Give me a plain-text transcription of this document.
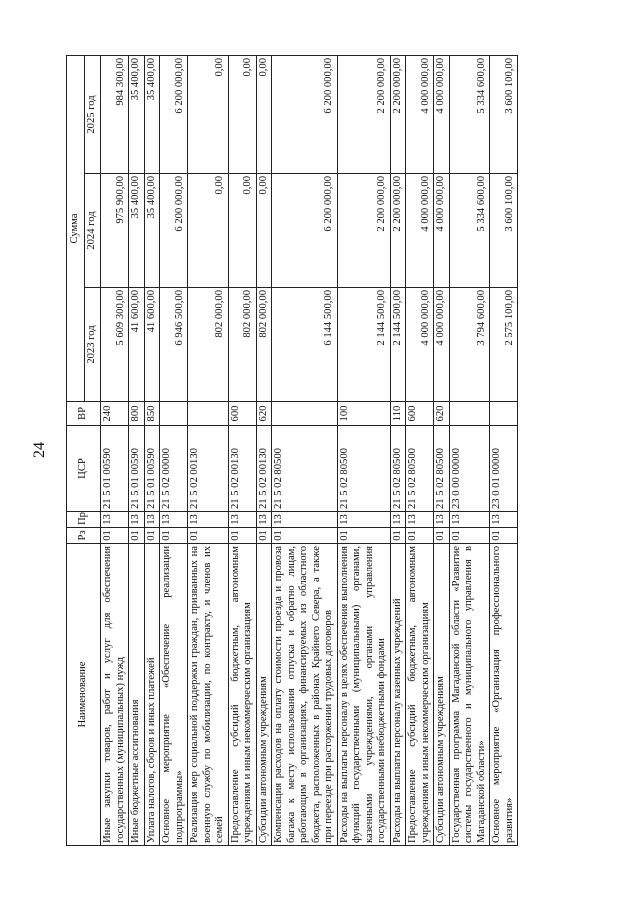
24
Наименование	Рз	Пр	ЦСР	ВР	Сумма		
					2023 год	2024 год	2025 год
Иные закупки товаров, работ и услуг для обеспечения государственных (муниципальных) нужд	01	13	21 5 01 00590	240	5 609 300,00	975 900,00	984 300,00
Иные бюджетные ассигнования	01	13	21 5 01 00590	800	41 600,00	35 400,00	35 400,00
Уплата налогов, сборов и иных платежей	01	13	21 5 01 00590	850	41 600,00	35 400,00	35 400,00
Основное мероприятие «Обеспечение реализации подпрограммы»	01	13	21 5 02 00000		6 946 500,00	6 200 000,00	6 200 000,00
Реализация мер социальной поддержки граждан, призванных на военную службу по мобилизации, по контракту, и членов их семей	01	13	21 5 02 00130		802 000,00	0,00	0,00
Предоставление субсидий бюджетным, автономным учреждениям и иным некоммерческим организациям	01	13	21 5 02 00130	600	802 000,00	0,00	0,00
Субсидии автономным учреждениям	01	13	21 5 02 00130	620	802 000,00	0,00	0,00
Компенсация расходов на оплату стоимости проезда и провоза багажа к месту использования отпуска и обратно лицам, работающим в организациях, финансируемых из областного бюджета, расположенных в районах Крайнего Севера, а также при переезде при расторжении трудовых договоров	01	13	21 5 02 80500		6 144 500,00	6 200 000,00	6 200 000,00
Расходы на выплаты персоналу в целях обеспечения выполнения функций государственными (муниципальными) органами, казенными учреждениями, органами управления государственными внебюджетными фондами	01	13	21 5 02 80500	100	2 144 500,00	2 200 000,00	2 200 000,00
Расходы на выплаты персоналу казенных учреждений	01	13	21 5 02 80500	110	2 144 500,00	2 200 000,00	2 200 000,00
Предоставление субсидий бюджетным, автономным учреждениям и иным некоммерческим организациям	01	13	21 5 02 80500	600	4 000 000,00	4 000 000,00	4 000 000,00
Субсидии автономным учреждениям	01	13	21 5 02 80500	620	4 000 000,00	4 000 000,00	4 000 000,00
Государственная программа Магаданской области «Развитие системы государственного и муниципального управления в Магаданской области»	01	13	23 0 00 00000		3 794 600,00	5 334 600,00	5 334 600,00
Основное мероприятие «Организация профессионального развития»	01	13	23 0 01 00000		2 575 100,00	3 600 100,00	3 600 100,00
